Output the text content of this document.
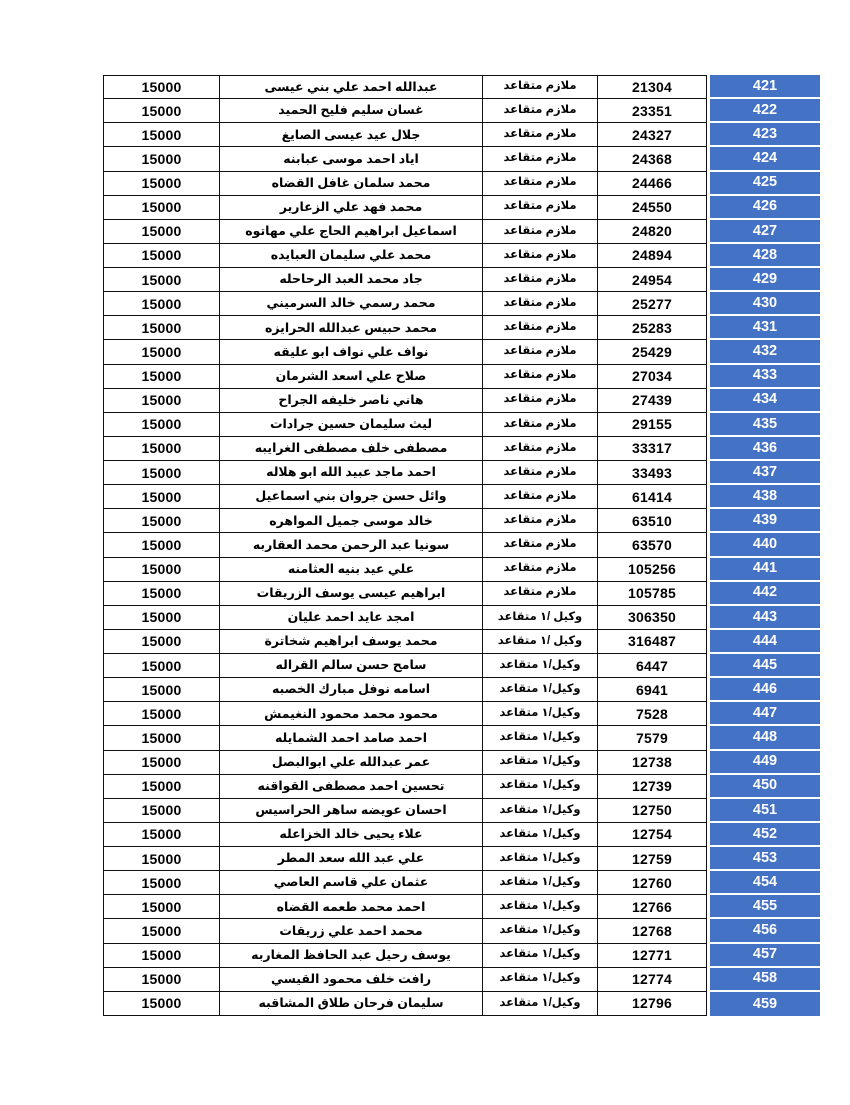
15000	عبدالله احمد علي بني عيسى	ملازم متقاعد	21304	421
15000	غسان سليم فليح الحميد	ملازم متقاعد	23351	422
15000	جلال عيد عيسى الصايغ	ملازم متقاعد	24327	423
15000	اياد احمد موسى عبابنه	ملازم متقاعد	24368	424
15000	محمد سلمان غافل القضاه	ملازم متقاعد	24466	425
15000	محمد فهد علي الزعارير	ملازم متقاعد	24550	426
15000	اسماعيل ابراهيم الحاج علي مهاتوه	ملازم متقاعد	24820	427
15000	محمد علي سليمان العبايده	ملازم متقاعد	24894	428
15000	جاد محمد العبد الرحاحله	ملازم متقاعد	24954	429
15000	محمد رسمي خالد السرميني	ملازم متقاعد	25277	430
15000	محمد حبيس عبدالله الحرايزه	ملازم متقاعد	25283	431
15000	نواف علي نواف ابو عليقه	ملازم متقاعد	25429	432
15000	صلاح علي اسعد الشرمان	ملازم متقاعد	27034	433
15000	هاني ناصر خليفه الجراح	ملازم متقاعد	27439	434
15000	ليث سليمان حسين جرادات	ملازم متقاعد	29155	435
15000	مصطفى خلف مصطفى الغرايبه	ملازم متقاعد	33317	436
15000	احمد ماجد عبيد الله ابو هلاله	ملازم متقاعد	33493	437
15000	وائل حسن جروان بني اسماعيل	ملازم متقاعد	61414	438
15000	خالد موسى جميل المواهره	ملازم متقاعد	63510	439
15000	سونيا عبد الرحمن محمد العقاربه	ملازم متقاعد	63570	440
15000	علي عيد بنيه العثامنه	ملازم متقاعد	105256	441
15000	ابراهيم عيسى يوسف الزريقات	ملازم متقاعد	105785	442
15000	امجد عايد احمد عليان	وكيل /١ متقاعد	306350	443
15000	محمد يوسف ابراهيم شخاترة	وكيل /١ متقاعد	316487	444
15000	سامح حسن سالم القراله	وكيل/١ متقاعد	6447	445
15000	اسامه نوفل مبارك الخصبه	وكيل/١ متقاعد	6941	446
15000	محمود محمد محمود النغيمش	وكيل/١ متقاعد	7528	447
15000	احمد صامد احمد الشمايله	وكيل/١ متقاعد	7579	448
15000	عمر عبدالله علي ابوالبصل	وكيل/١ متقاعد	12738	449
15000	تحسين احمد مصطفى القواقنه	وكيل/١ متقاعد	12739	450
15000	احسان عويضه ساهر الحراسيس	وكيل/١ متقاعد	12750	451
15000	علاء يحيى خالد الخزاعله	وكيل/١ متقاعد	12754	452
15000	علي عبد الله سعد المطر	وكيل/١ متقاعد	12759	453
15000	عثمان علي قاسم العاصي	وكيل/١ متقاعد	12760	454
15000	احمد محمد طعمه القضاه	وكيل/١ متقاعد	12766	455
15000	محمد احمد علي زريقات	وكيل/١ متقاعد	12768	456
15000	يوسف رحيل عبد الحافظ المغاربه	وكيل/١ متقاعد	12771	457
15000	رافت خلف محمود القيسي	وكيل/١ متقاعد	12774	458
15000	سليمان فرحان طلاق المشاقبه	وكيل/١ متقاعد	12796	459
